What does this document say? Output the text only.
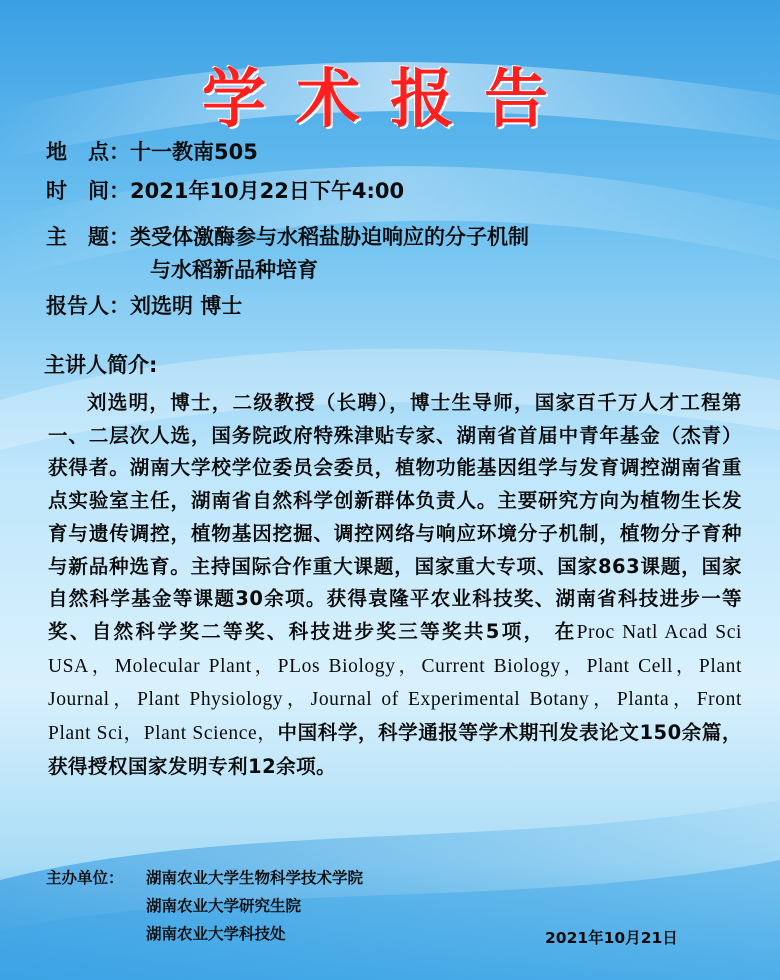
学术报告
地　点：十一教南505
时　间：2021年10月22日下午4:00
主　题：类受体激酶参与水稻盐胁迫响应的分子机制
与水稻新品种培育
报告人：刘选明 博士
主讲人简介:
刘选明，博士，二级教授（长聘），博士生导师，国家百千万人才工程第一、二层次人选，国务院政府特殊津贴专家、湖南省首届中青年基金（杰青）获得者。湖南大学校学位委员会委员，植物功能基因组学与发育调控湖南省重点实验室主任，湖南省自然科学创新群体负责人。主要研究方向为植物生长发育与遗传调控，植物基因挖掘、调控网络与响应环境分子机制，植物分子育种与新品种选育。主持国际合作重大课题，国家重大专项、国家863课题，国家自然科学基金等课题30余项。获得袁隆平农业科技奖、湖南省科技进步一等奖、自然科学奖二等奖、科技进步奖三等奖共5项， 在Proc Natl Acad Sci USA，Molecular Plant，PLos Biology，Current Biology，Plant Cell，Plant Journal，Plant Physiology，Journal of Experimental Botany，Planta，Front Plant Sci，Plant Science，中国科学，科学通报等学术期刊发表论文150余篇，获得授权国家发明专利12余项。
主办单位： 湖南农业大学生物科学技术学院
湖南农业大学研究生院
湖南农业大学科技处	2021年10月21日
